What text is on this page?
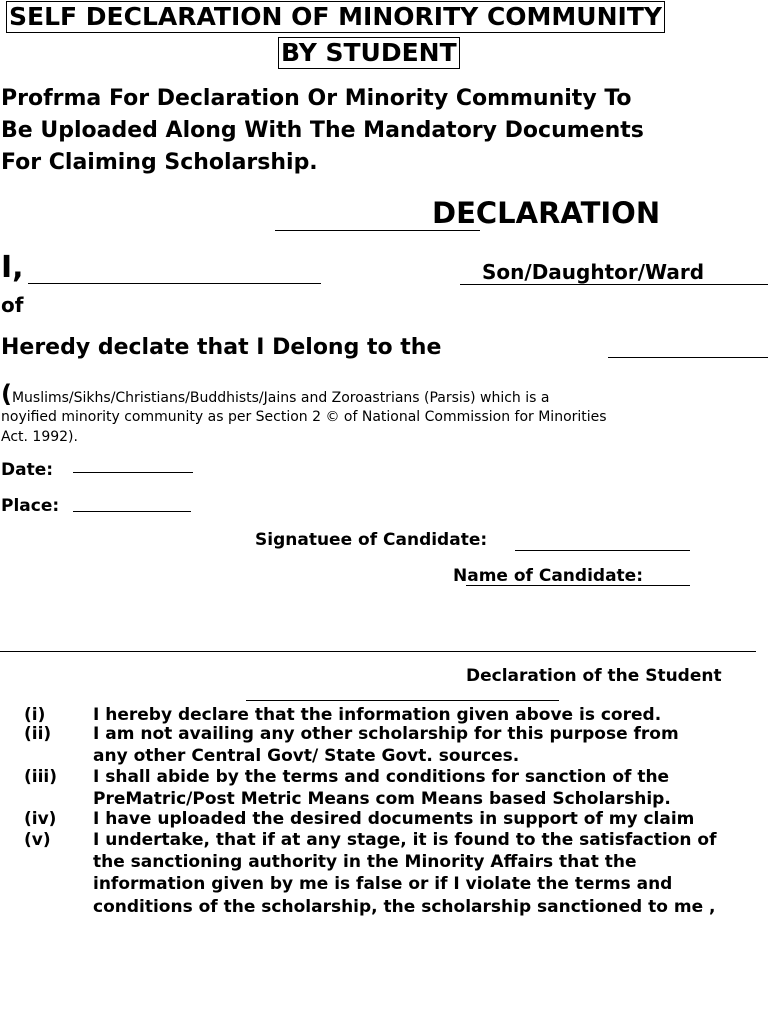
SELF DECLARATION OF MINORITY COMMUNITY
BY STUDENT
Profrma For Declaration Or Minority Community To
Be Uploaded Along With The Mandatory Documents
For Claiming Scholarship.
DECLARATION
I,	Son/Daughtor/Ward
of
Heredy declate that I Delong to the
(Muslims/Sikhs/Christians/Buddhists/Jains and Zoroastrians (Parsis) which is a
noyified minority community as per Section 2 © of National Commission for Minorities
Act. 1992).
Date:
Place:
Signatuee of Candidate:
Name of Candidate:
Declaration of the Student
(i)	I hereby declare that the information given above is cored.
(ii) I am not availing any other scholarship for this purpose from
any other Central Govt/ State Govt. sources.
(iii) I shall abide by the terms and conditions for sanction of the
PreMatric/Post Metric Means com Means based Scholarship.
(iv) I have uploaded the desired documents in support of my claim
(v) I undertake, that if at any stage, it is found to the satisfaction of
the sanctioning authority in the Minority Affairs that the
information given by me is false or if I violate the terms and
conditions of the scholarship, the scholarship sanctioned to me ,
